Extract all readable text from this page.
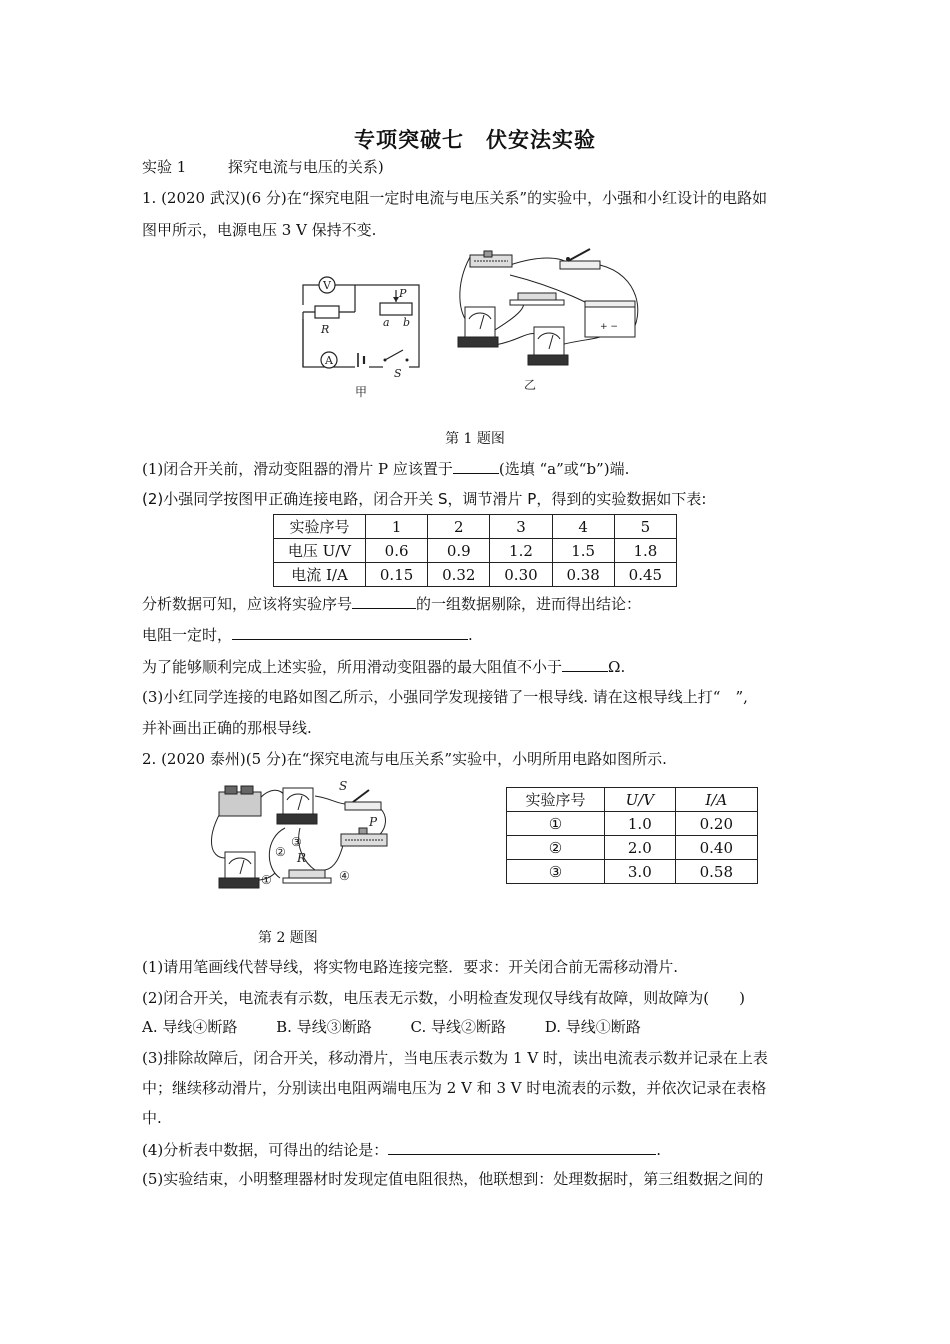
专项突破七　伏安法实验
实验 1	探究电流与电压的关系)
1. (2020 武汉)(6 分)在“探究电阻一定时电流与电压关系”的实验中，小强和小红设计的电路如
图甲所示，电源电压 3 V 保持不变.
V
A
R
P
a b
S
甲
+ −
乙
第 1 题图
(1)闭合开关前，滑动变阻器的滑片 P 应该置于	(选填 “a”或“b”)端.
(2)小强同学按图甲正确连接电路，闭合开关 S，调节滑片 P，得到的实验数据如下表:
实验序号	1	2	3	4	5
电压 U/V	0.6	0.9	1.2	1.5	1.8
电流 I/A	0.15	0.32	0.30	0.38	0.45
分析数据可知，应该将实验序号	的一组数据剔除，进而得出结论：
电阻一定时，	.
为了能够顺利完成上述实验，所用滑动变阻器的最大阻值不小于	Ω.
(3)小红同学连接的电路如图乙所示，小强同学发现接错了一根导线. 请在这根导线上打“　”,
并补画出正确的那根导线.
2. (2020 泰州)(5 分)在“探究电流与电压关系”实验中，小明所用电路如图所示.
S
P
R
①
②
③
④
实验序号	U/V	I/A
①	1.0	0.20
②	2.0	0.40
③	3.0	0.58
第 2 题图
(1)请用笔画线代替导线，将实物电路连接完整．要求：开关闭合前无需移动滑片.
(2)闭合开关，电流表有示数，电压表无示数，小明检查发现仅导线有故障，则故障为(　　)
A. 导线④断路	B. 导线③断路	C. 导线②断路	D. 导线①断路
(3)排除故障后，闭合开关，移动滑片，当电压表示数为 1 V 时，读出电流表示数并记录在上表
中；继续移动滑片，分别读出电阻两端电压为 2 V 和 3 V 时电流表的示数，并依次记录在表格
中.
(4)分析表中数据，可得出的结论是：	.
(5)实验结束，小明整理器材时发现定值电阻很热，他联想到：处理数据时，第三组数据之间的
